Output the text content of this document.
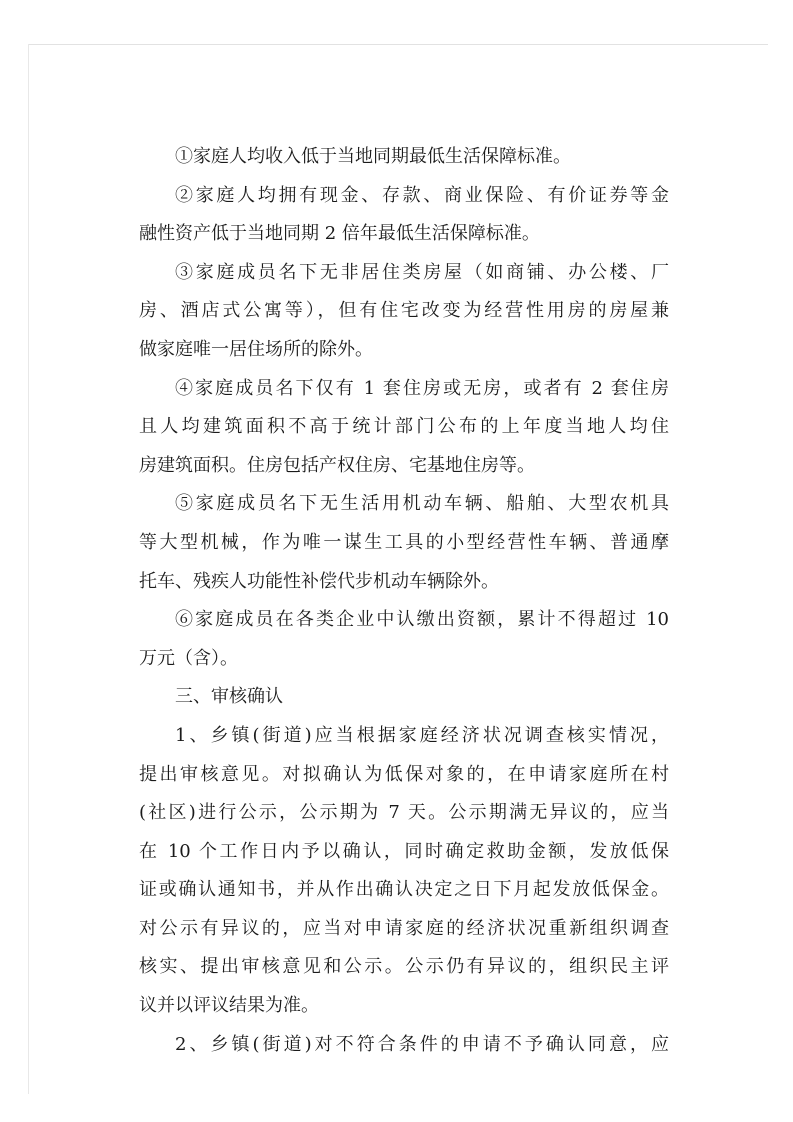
①家庭人均收入低于当地同期最低生活保障标准。
②家庭人均拥有现金、存款、商业保险、有价证券等金
融性资产低于当地同期 2 倍年最低生活保障标准。
③家庭成员名下无非居住类房屋（如商铺、办公楼、厂
房、酒店式公寓等），但有住宅改变为经营性用房的房屋兼
做家庭唯一居住场所的除外。
④家庭成员名下仅有 1 套住房或无房，或者有 2 套住房
且人均建筑面积不高于统计部门公布的上年度当地人均住
房建筑面积。住房包括产权住房、宅基地住房等。
⑤家庭成员名下无生活用机动车辆、船舶、大型农机具
等大型机械，作为唯一谋生工具的小型经营性车辆、普通摩
托车、残疾人功能性补偿代步机动车辆除外。
⑥家庭成员在各类企业中认缴出资额，累计不得超过 10
万元（含）。
三、审核确认
1、乡镇(街道)应当根据家庭经济状况调查核实情况，
提出审核意见。对拟确认为低保对象的，在申请家庭所在村
(社区)进行公示，公示期为 7 天。公示期满无异议的，应当
在 10 个工作日内予以确认，同时确定救助金额，发放低保
证或确认通知书，并从作出确认决定之日下月起发放低保金。
对公示有异议的，应当对申请家庭的经济状况重新组织调查
核实、提出审核意见和公示。公示仍有异议的，组织民主评
议并以评议结果为准。
2、乡镇(街道)对不符合条件的申请不予确认同意，应
